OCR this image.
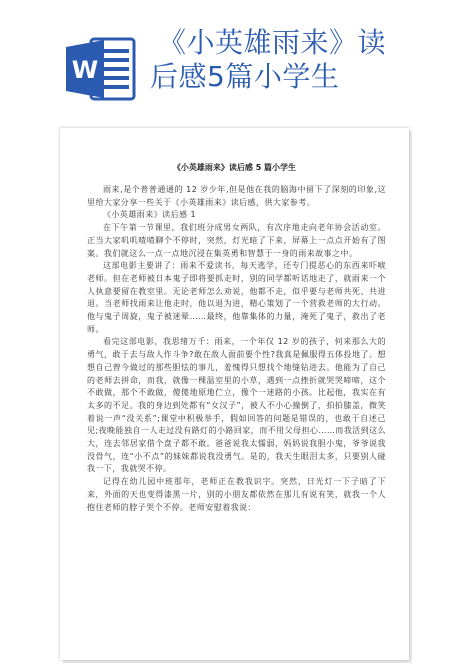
W
《小英雄雨来》读
后感5篇小学生
《小英雄雨来》读后感 5 篇小学生

雨来,是个普普通通的 12 岁少年,但是他在我的脑海中留下了深刻的印象,这里给大家分享一些关于《小英雄雨来》读后感，供大家参考。

《小英雄雨来》读后感 1

在下午第一节课里，我们班分成男女两队，有次序地走向老年协会活动室。正当大家叽叽喳喳聊个不停时，突然，灯光暗了下来，屏幕上一点点开始有了图案。我们就这么一点一点地沉浸在集英勇和智慧于一身的雨来故事之中。

这部电影主要讲了：雨来不爱读书，每天逃学，还专门提恶心的东西来吓唬老师。但在老师被日本鬼子即将要抓走时，别的同学都听话地走了，就雨来一个人执意要留在教室里。无论老师怎么劝说，他都不走，似乎要与老师共死、共进退。当老师找雨来让他走时，他以退为进，精心策划了一个营救老师的大行动。他与鬼子周旋，鬼子被迷晕……最终，他靠集体的力量，淹死了鬼子，救出了老师。

看完这部电影，我思绪万千：雨来，一个年仅 12 岁的孩子，何来那么大的勇气，敢于去与敌人作斗争?敢在敌人面前要个性?我真是佩服得五体投地了。想想自己曾今做过的那些胆怯的事儿，羞愧得只想找个地缝钻进去。他能为了自己的老师去拼命，而我，就像一棵温室里的小草，遇到一点挫折就哭哭啼啼，这个不敢做，那个不敢做，傻傻地原地伫立，像个一迷路的小孩。比起他，我实在有太多的不足。我的身边到处都有“女汉子”，被人不小心撞倒了，拍拍膝盖，微笑着说一声“没关系”;课堂中积极举手，假如回答的问题是错误的，也敢于自述己见;夜晚能独自一人走过没有路灯的小路回家，而不用父母担心……而我活到这么大，连去邻居家借个盘子都不敢。爸爸说我太懦弱，妈妈说我胆小鬼，爷爷说我没骨气，连“小不点”的妹妹都说我没勇气。是的，我天生眼泪太多，只要别人碰我一下，我就哭不停。

记得在幼儿园中班那年，老师正在教我识字。突然，日光灯一下子暗了下来，外面的天也变得漆黑一片，别的小朋友都依然在那儿有说有笑，就我一个人抱住老师的脖子哭个不停。老师安慰着我说：
